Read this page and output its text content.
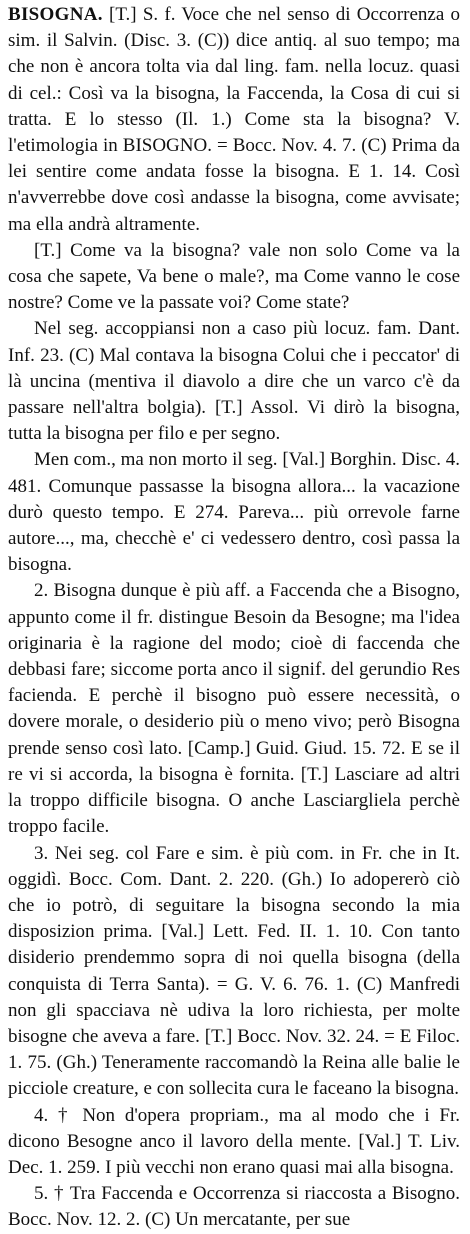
BISOGNA. [T.] S. f. Voce che nel senso di Occorrenza o sim. il Salvin. (Disc. 3. (C)) dice antiq. al suo tempo; ma che non è ancora tolta via dal ling. fam. nella locuz. quasi di cel.: Così va la bisogna, la Faccenda, la Cosa di cui si tratta. E lo stesso (Il. 1.) Come sta la bisogna? V. l'etimologia in BISOGNO. = Bocc. Nov. 4. 7. (C) Prima da lei sentire come andata fosse la bisogna. E 1. 14. Così n'avverrebbe dove così andasse la bisogna, come avvisate; ma ella andrà altramente.

[T.] Come va la bisogna? vale non solo Come va la cosa che sapete, Va bene o male?, ma Come vanno le cose nostre? Come ve la passate voi? Come state?

Nel seg. accoppiansi non a caso più locuz. fam. Dant. Inf. 23. (C) Mal contava la bisogna Colui che i peccator' di là uncina (mentiva il diavolo a dire che un varco c'è da passare nell'altra bolgia). [T.] Assol. Vi dirò la bisogna, tutta la bisogna per filo e per segno.

Men com., ma non morto il seg. [Val.] Borghin. Disc. 4. 481. Comunque passasse la bisogna allora... la vacazione durò questo tempo. E 274. Pareva... più orrevole farne autore..., ma, checchè e' ci vedessero dentro, così passa la bisogna.

2. Bisogna dunque è più aff. a Faccenda che a Bisogno, appunto come il fr. distingue Besoin da Besogne; ma l'idea originaria è la ragione del modo; cioè di faccenda che debbasi fare; siccome porta anco il signif. del gerundio Res facienda. E perchè il bisogno può essere necessità, o dovere morale, o desiderio più o meno vivo; però Bisogna prende senso così lato. [Camp.] Guid. Giud. 15. 72. E se il re vi si accorda, la bisogna è fornita. [T.] Lasciare ad altri la troppo difficile bisogna. O anche Lasciarglielа perchè troppo facile.

3. Nei seg. col Fare e sim. è più com. in Fr. che in It. oggidì. Bocc. Com. Dant. 2. 220. (Gh.) Io adopererò ciò che io potrò, di seguitare la bisogna secondo la mia disposizion prima. [Val.] Lett. Fed. II. 1. 10. Con tanto disiderio prendemmo sopra di noi quella bisogna (della conquista di Terra Santa). = G. V. 6. 76. 1. (C) Manfredi non gli spacciava nè udiva la loro richiesta, per molte bisogne che aveva a fare. [T.] Bocc. Nov. 32. 24. = E Filoc. 1. 75. (Gh.) Teneramente raccomandò la Reina alle balie le picciole creature, e con sollecita cura le faceano la bisogna.

4. † Non d'opera propriam., ma al modo che i Fr. dicono Besogne anco il lavoro della mente. [Val.] T. Liv. Dec. 1. 259. I più vecchi non erano quasi mai alla bisogna.

5. † Tra Faccenda e Occorrenza si riaccosta a Bisogno. Bocc. Nov. 12. 2. (C) Un mercatante, per sue
